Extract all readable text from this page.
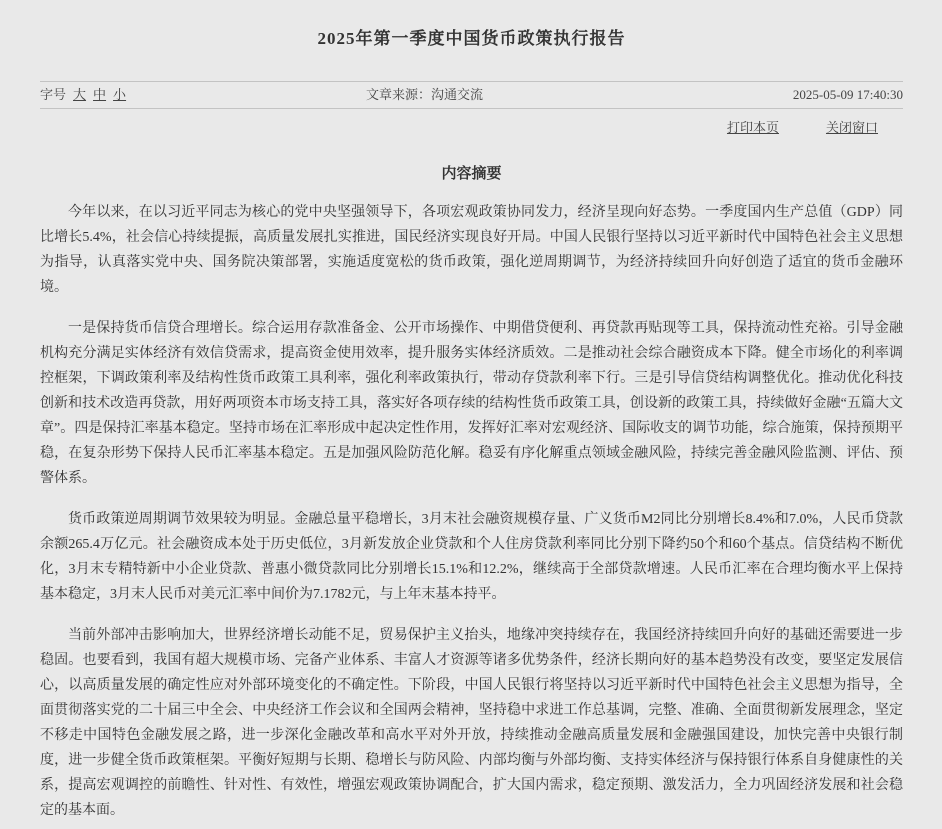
2025年第一季度中国货币政策执行报告
字号 大 中 小	文章来源：沟通交流	2025-05-09 17:40:30
打印本页	关闭窗口
内容摘要

今年以来，在以习近平同志为核心的党中央坚强领导下，各项宏观政策协同发力，经济呈现向好态势。一季度国内生产总值（GDP）同比增长5.4%，社会信心持续提振，高质量发展扎实推进，国民经济实现良好开局。中国人民银行坚持以习近平新时代中国特色社会主义思想为指导，认真落实党中央、国务院决策部署，实施适度宽松的货币政策，强化逆周期调节，为经济持续回升向好创造了适宜的货币金融环境。

一是保持货币信贷合理增长。综合运用存款准备金、公开市场操作、中期借贷便利、再贷款再贴现等工具，保持流动性充裕。引导金融机构充分满足实体经济有效信贷需求，提高资金使用效率，提升服务实体经济质效。二是推动社会综合融资成本下降。健全市场化的利率调控框架，下调政策利率及结构性货币政策工具利率，强化利率政策执行，带动存贷款利率下行。三是引导信贷结构调整优化。推动优化科技创新和技术改造再贷款，用好两项资本市场支持工具，落实好各项存续的结构性货币政策工具，创设新的政策工具，持续做好金融“五篇大文章”。四是保持汇率基本稳定。坚持市场在汇率形成中起决定性作用，发挥好汇率对宏观经济、国际收支的调节功能，综合施策，保持预期平稳，在复杂形势下保持人民币汇率基本稳定。五是加强风险防范化解。稳妥有序化解重点领域金融风险，持续完善金融风险监测、评估、预警体系。

货币政策逆周期调节效果较为明显。金融总量平稳增长，3月末社会融资规模存量、广义货币M2同比分别增长8.4%和7.0%，人民币贷款余额265.4万亿元。社会融资成本处于历史低位，3月新发放企业贷款和个人住房贷款利率同比分别下降约50个和60个基点。信贷结构不断优化，3月末专精特新中小企业贷款、普惠小微贷款同比分别增长15.1%和12.2%，继续高于全部贷款增速。人民币汇率在合理均衡水平上保持基本稳定，3月末人民币对美元汇率中间价为7.1782元，与上年末基本持平。

当前外部冲击影响加大，世界经济增长动能不足，贸易保护主义抬头，地缘冲突持续存在，我国经济持续回升向好的基础还需要进一步稳固。也要看到，我国有超大规模市场、完备产业体系、丰富人才资源等诸多优势条件，经济长期向好的基本趋势没有改变，要坚定发展信心，以高质量发展的确定性应对外部环境变化的不确定性。下阶段，中国人民银行将坚持以习近平新时代中国特色社会主义思想为指导，全面贯彻落实党的二十届三中全会、中央经济工作会议和全国两会精神，坚持稳中求进工作总基调，完整、准确、全面贯彻新发展理念，坚定不移走中国特色金融发展之路，进一步深化金融改革和高水平对外开放，持续推动金融高质量发展和金融强国建设，加快完善中央银行制度，进一步健全货币政策框架。平衡好短期与长期、稳增长与防风险、内部均衡与外部均衡、支持实体经济与保持银行体系自身健康性的关系，提高宏观调控的前瞻性、针对性、有效性，增强宏观政策协调配合，扩大国内需求，稳定预期、激发活力，全力巩固经济发展和社会稳定的基本面。
